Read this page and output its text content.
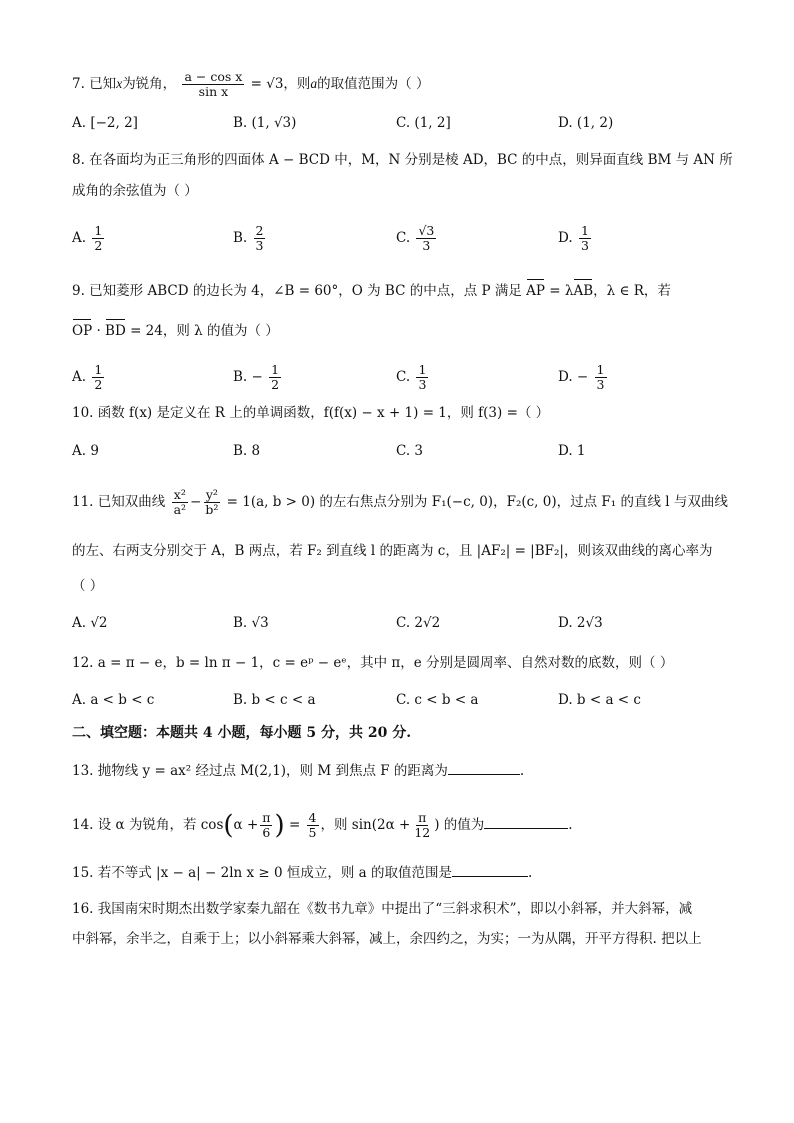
7. 已知x为锐角， $\frac{\text{a − cos x}}{\text{sin x}} = √3$，则a的取值范围为（ ）
A. [−2, 2]	B. (1, √3)	C. (1, 2]	D. (1, 2)
8. 在各面均为正三角形的四面体 A − BCD 中，M，N 分别是棱 AD，BC 的中点，则异面直线 BM 与 AN 所
成角的余弦值为（ ）
A. $\frac{1}{2}$	B. $\frac{2}{3}$	C. $\frac{√3}{3}$	D. $\frac{1}{3}$
9. 已知菱形 ABCD 的边长为 4，∠B = 60°，O 为 BC 的中点，点 P 满足 AP = λAB，λ ∈ R，若
OP · BD = 24，则 λ 的值为（ ）
A. $\frac{1}{2}$	B. − $\frac{1}{2}$	C. $\frac{1}{3}$	D. − $\frac{1}{3}$
10. 函数 f(x) 是定义在 R 上的单调函数，f(f(x) − x + 1) = 1，则 f(3) =（ ）
A. 9	B. 8	C. 3	D. 1
11. 已知双曲线 $\frac{\text{x²}}{\text{a²}} - \frac{\text{y²}}{\text{b²}} = 1(a$, b > 0) 的左右焦点分别为 F₁(−c, 0)，F₂(c, 0)，过点 F₁ 的直线 l 与双曲线
的左、右两支分别交于 A，B 两点，若 F₂ 到直线 l 的距离为 c，且 |AF₂| = |BF₂|，则该双曲线的离心率为
（ ）
A. √2	B. √3	C. 2√2	D. 2√3
12. a = π − e，b = ln π − 1，c = eᵖ − eᵉ，其中 π，e 分别是圆周率、自然对数的底数，则（ ）
A. a < b < c	B. b < c < a	C. c < b < a	D. b < a < c
二、填空题：本题共 4 小题，每小题 5 分，共 20 分.
13. 抛物线 y = ax² 经过点 M(2,1)，则 M 到焦点 F 的距离为	.
14. 设 α 为锐角，若 $\cos(\alpha + \frac{\pi}{6}$ ) = $\frac{4}{5}$ ，则 $\sin(2\alpha + \frac{\pi}{12}$ ) 的值为	.
15. 若不等式 |x − a| − 2ln x ≥ 0 恒成立，则 a 的取值范围是	.
16. 我国南宋时期杰出数学家秦九韶在《数书九章》中提出了“三斜求积术”，即以小斜幂，并大斜幂，减
中斜幂，余半之，自乘于上；以小斜幂乘大斜幂，减上，余四约之，为实；一为从隅，开平方得积. 把以上
